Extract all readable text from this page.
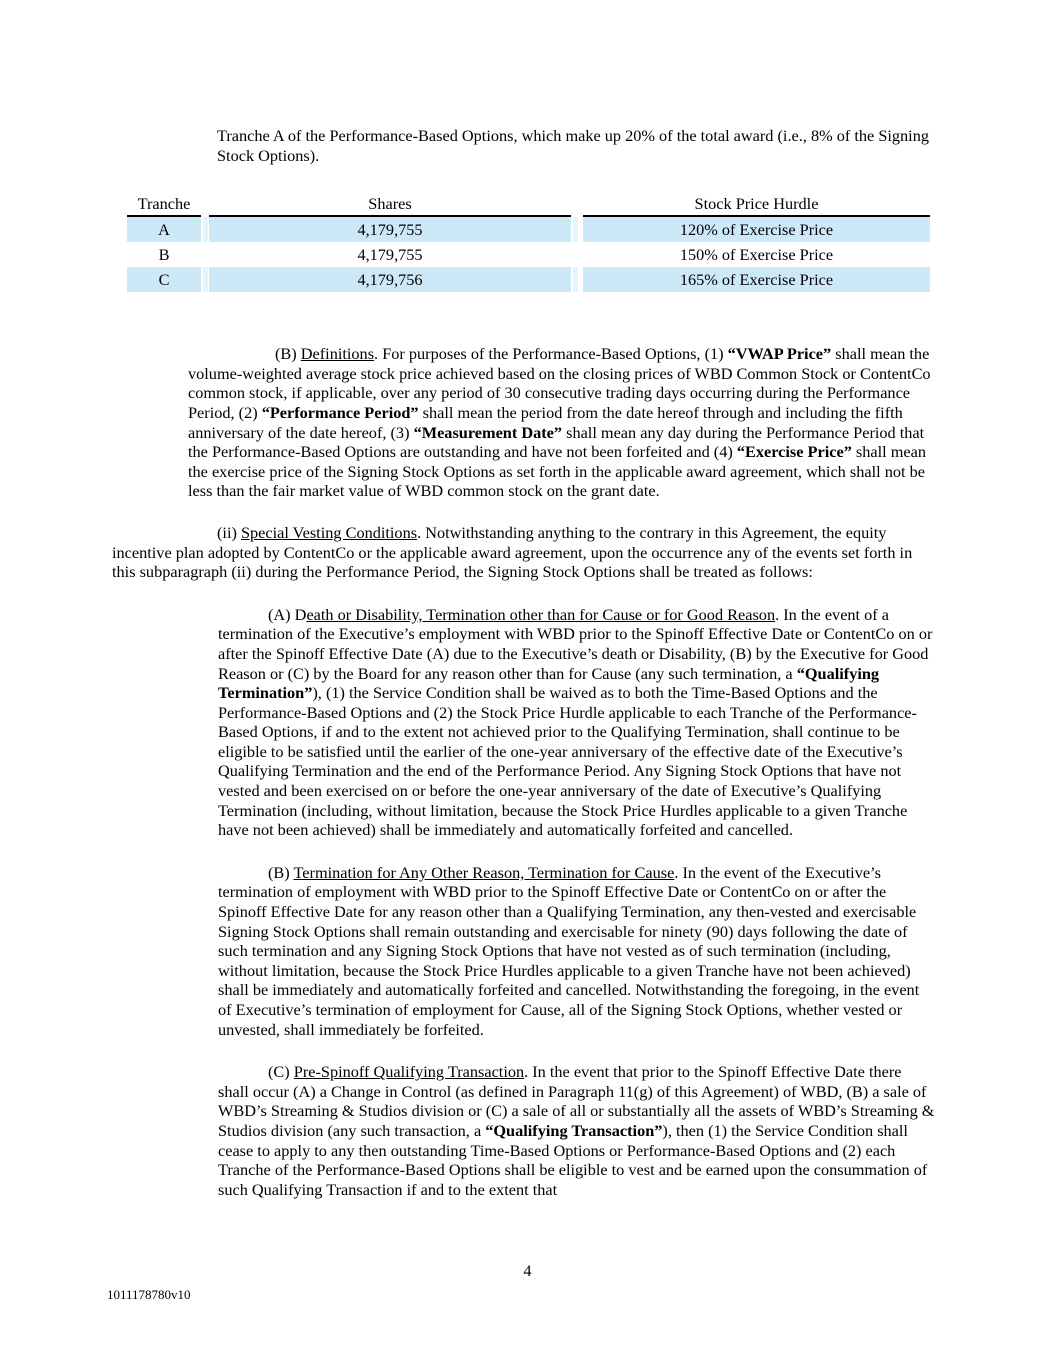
Tranche A of the Performance-Based Options, which make up 20% of the total award (i.e., 8% of the Signing Stock Options).

Tranche	Shares	Stock Price Hurdle
A	4,179,755	120% of Exercise Price
B	4,179,755	150% of Exercise Price
C	4,179,756	165% of Exercise Price

(B) Definitions. For purposes of the Performance-Based Options, (1) “VWAP Price” shall mean the volume-weighted average stock price achieved based on the closing prices of WBD Common Stock or ContentCo common stock, if applicable, over any period of 30 consecutive trading days occurring during the Performance Period, (2) “Performance Period” shall mean the period from the date hereof through and including the fifth anniversary of the date hereof, (3) “Measurement Date” shall mean any day during the Performance Period that the Performance-Based Options are outstanding and have not been forfeited and (4) “Exercise Price” shall mean the exercise price of the Signing Stock Options as set forth in the applicable award agreement, which shall not be less than the fair market value of WBD common stock on the grant date.

(ii) Special Vesting Conditions. Notwithstanding anything to the contrary in this Agreement, the equity incentive plan adopted by ContentCo or the applicable award agreement, upon the occurrence any of the events set forth in this subparagraph (ii) during the Performance Period, the Signing Stock Options shall be treated as follows:

(A) Death or Disability, Termination other than for Cause or for Good Reason. In the event of a termination of the Executive’s employment with WBD prior to the Spinoff Effective Date or ContentCo on or after the Spinoff Effective Date (A) due to the Executive’s death or Disability, (B) by the Executive for Good Reason or (C) by the Board for any reason other than for Cause (any such termination, a “Qualifying Termination”), (1) the Service Condition shall be waived as to both the Time-Based Options and the Performance-Based Options and (2) the Stock Price Hurdle applicable to each Tranche of the Performance-Based Options, if and to the extent not achieved prior to the Qualifying Termination, shall continue to be eligible to be satisfied until the earlier of the one-year anniversary of the effective date of the Executive’s Qualifying Termination and the end of the Performance Period. Any Signing Stock Options that have not vested and been exercised on or before the one-year anniversary of the date of Executive’s Qualifying Termination (including, without limitation, because the Stock Price Hurdles applicable to a given Tranche have not been achieved) shall be immediately and automatically forfeited and cancelled.

(B) Termination for Any Other Reason, Termination for Cause. In the event of the Executive’s termination of employment with WBD prior to the Spinoff Effective Date or ContentCo on or after the Spinoff Effective Date for any reason other than a Qualifying Termination, any then-vested and exercisable Signing Stock Options shall remain outstanding and exercisable for ninety (90) days following the date of such termination and any Signing Stock Options that have not vested as of such termination (including, without limitation, because the Stock Price Hurdles applicable to a given Tranche have not been achieved) shall be immediately and automatically forfeited and cancelled. Notwithstanding the foregoing, in the event of Executive’s termination of employment for Cause, all of the Signing Stock Options, whether vested or unvested, shall immediately be forfeited.

(C) Pre-Spinoff Qualifying Transaction. In the event that prior to the Spinoff Effective Date there shall occur (A) a Change in Control (as defined in Paragraph 11(g) of this Agreement) of WBD, (B) a sale of WBD’s Streaming & Studios division or (C) a sale of all or substantially all the assets of WBD’s Streaming & Studios division (any such transaction, a “Qualifying Transaction”), then (1) the Service Condition shall cease to apply to any then outstanding Time-Based Options or Performance-Based Options and (2) each Tranche of the Performance-Based Options shall be eligible to vest and be earned upon the consummation of such Qualifying Transaction if and to the extent that

4
1011178780v10
